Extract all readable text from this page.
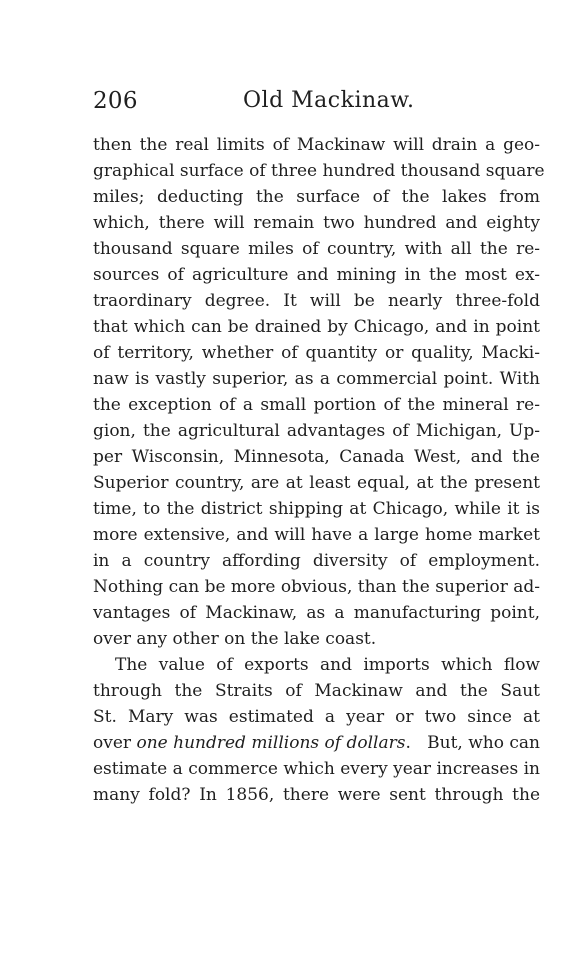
206	Old Mackinaw.
then the real limits of Mackinaw will drain a geo-
graphical surface of three hundred thousand square
miles; deducting the surface of the lakes from
which, there will remain two hundred and eighty
thousand square miles of country, with all the re-
sources of agriculture and mining in the most ex-
traordinary degree. It will be nearly three-fold
that which can be drained by Chicago, and in point
of territory, whether of quantity or quality, Macki-
naw is vastly superior, as a commercial point. With
the exception of a small portion of the mineral re-
gion, the agricultural advantages of Michigan, Up-
per Wisconsin, Minnesota, Canada West, and the
Superior country, are at least equal, at the present
time, to the district shipping at Chicago, while it is
more extensive, and will have a large home market
in a country affording diversity of employment.
Nothing can be more obvious, than the superior ad-
vantages of Mackinaw, as a manufacturing point,
over any other on the lake coast.
The value of exports and imports which flow
through the Straits of Mackinaw and the Saut
St. Mary was estimated a year or two since at
over one hundred millions of dollars.   But, who can
estimate a commerce which every year increases in
many fold? In 1856, there were sent through the
